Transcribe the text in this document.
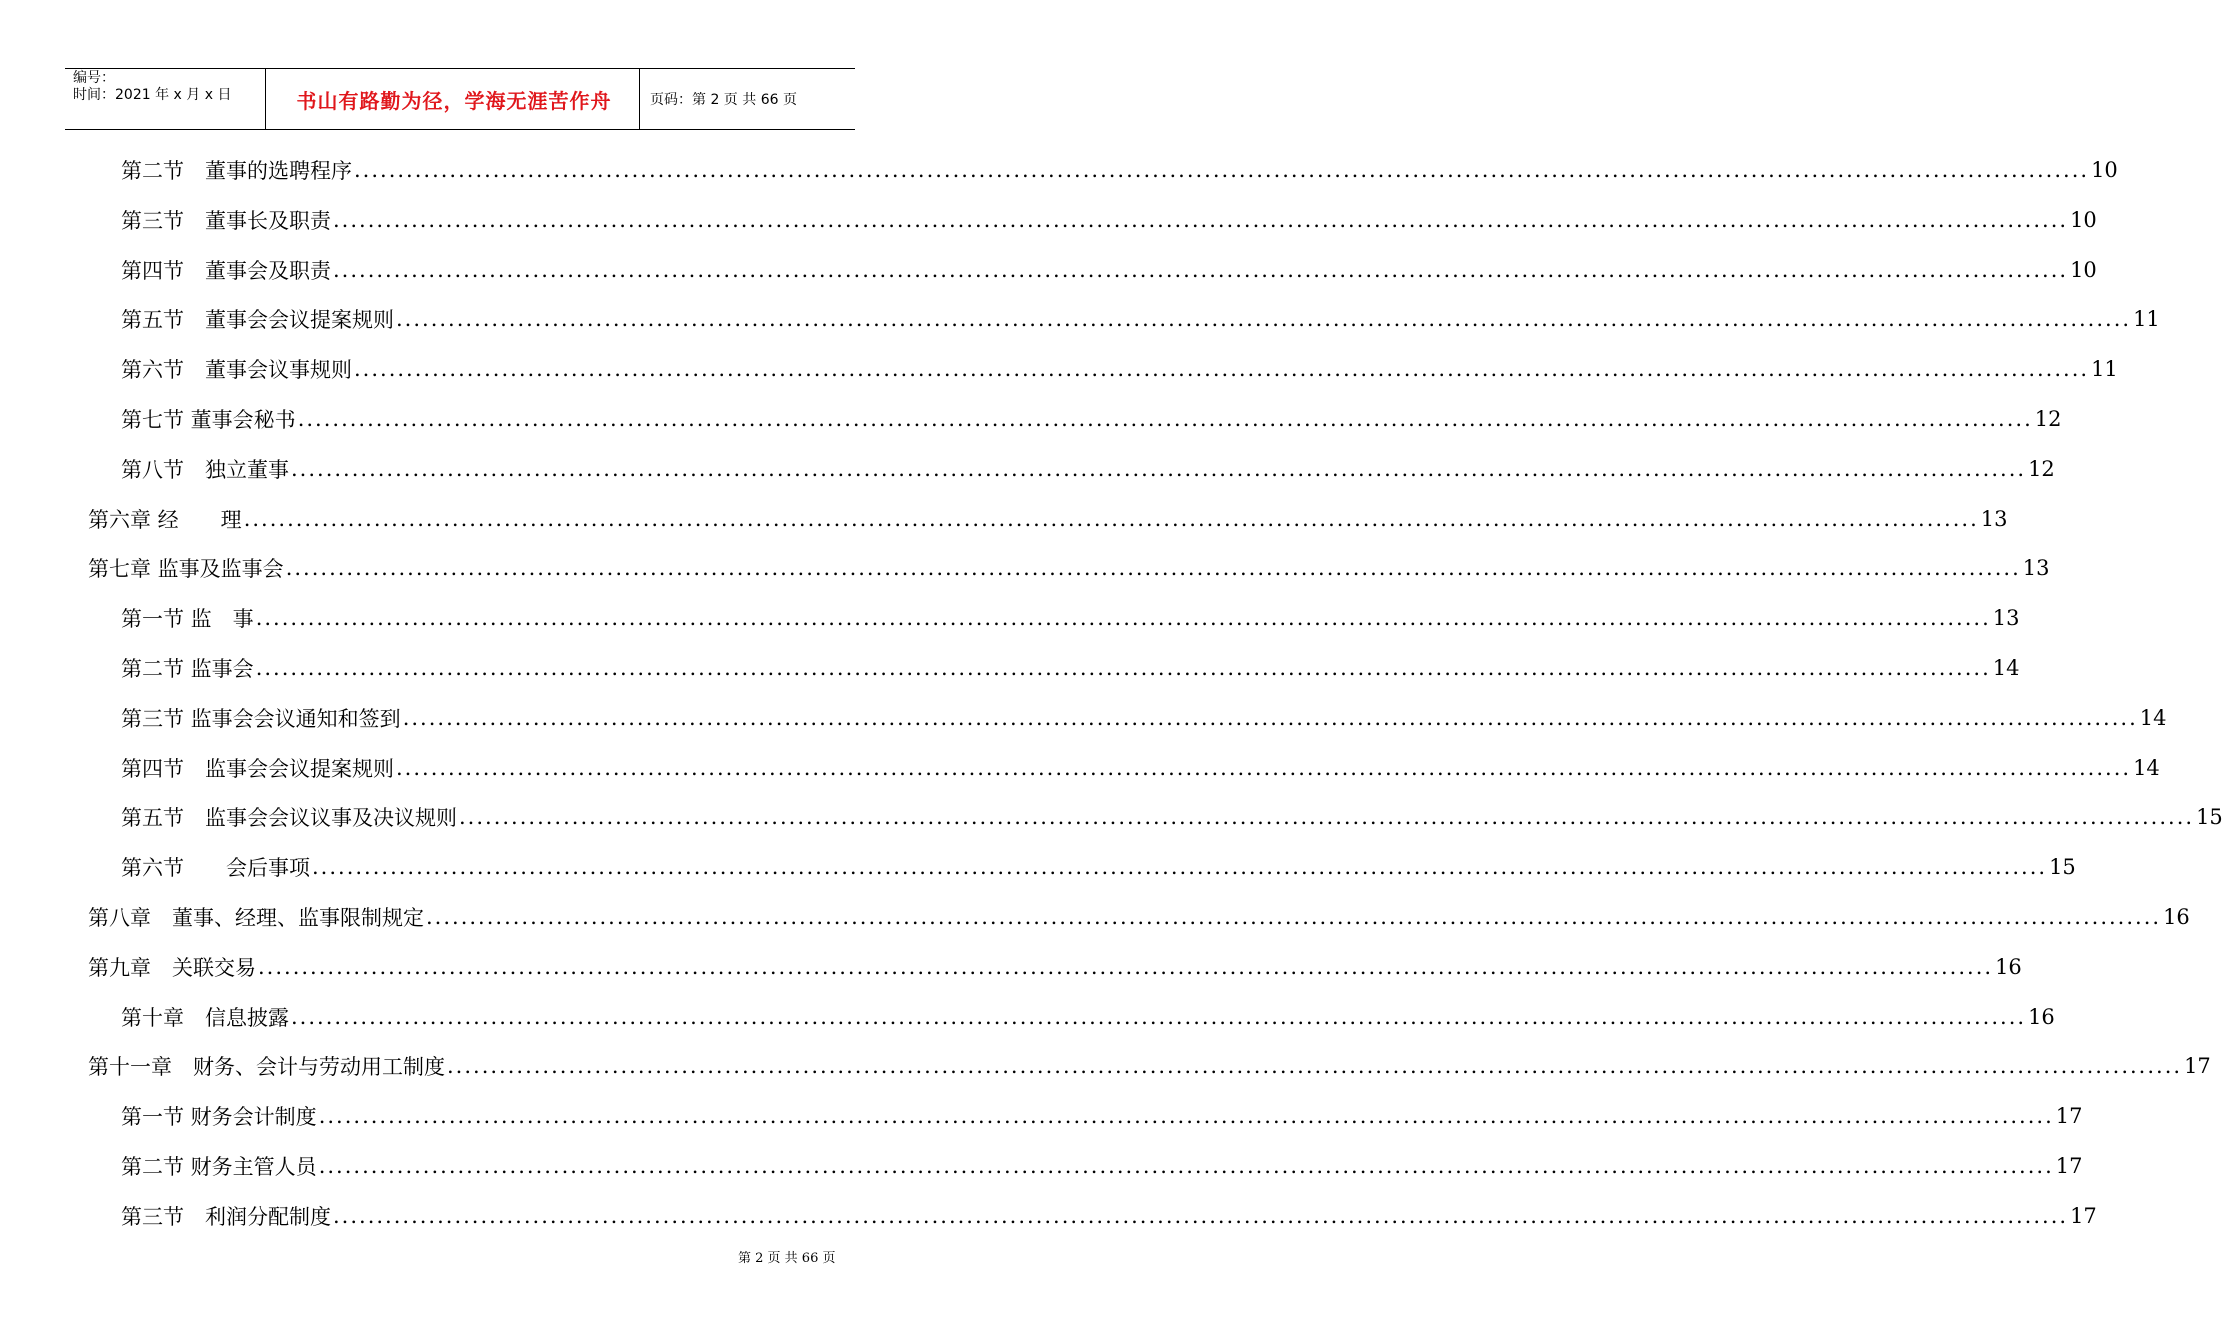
编号：
时间：2021 年 x 月 x 日	书山有路勤为径，学海无涯苦作舟	页码：第 2 页 共 66 页
第二节　董事的选聘程序 ........................................................................................................................................................................................................ 10
第三节　董事长及职责 ........................................................................................................................................................................................................ 10
第四节　董事会及职责 ........................................................................................................................................................................................................ 10
第五节　董事会会议提案规则 ........................................................................................................................................................................................................ 11
第六节　董事会议事规则 ........................................................................................................................................................................................................ 11
第七节 董事会秘书 ........................................................................................................................................................................................................ 12
第八节　独立董事 ........................................................................................................................................................................................................ 12
第六章 经　　理 ........................................................................................................................................................................................................ 13
第七章 监事及监事会 ........................................................................................................................................................................................................ 13
第一节 监　事 ........................................................................................................................................................................................................ 13
第二节 监事会 ........................................................................................................................................................................................................ 14
第三节 监事会会议通知和签到 ........................................................................................................................................................................................................ 14
第四节　监事会会议提案规则 ........................................................................................................................................................................................................ 14
第五节　监事会会议议事及决议规则 ........................................................................................................................................................................................................ 15
第六节　　会后事项 ........................................................................................................................................................................................................ 15
第八章　董事、经理、监事限制规定 ........................................................................................................................................................................................................ 16
第九章　关联交易 ........................................................................................................................................................................................................ 16
第十章　信息披露 ........................................................................................................................................................................................................ 16
第十一章　财务、会计与劳动用工制度 ........................................................................................................................................................................................................ 17
第一节 财务会计制度 ........................................................................................................................................................................................................ 17
第二节 财务主管人员 ........................................................................................................................................................................................................ 17
第三节　利润分配制度 ........................................................................................................................................................................................................ 17
第 2 页 共 66 页
